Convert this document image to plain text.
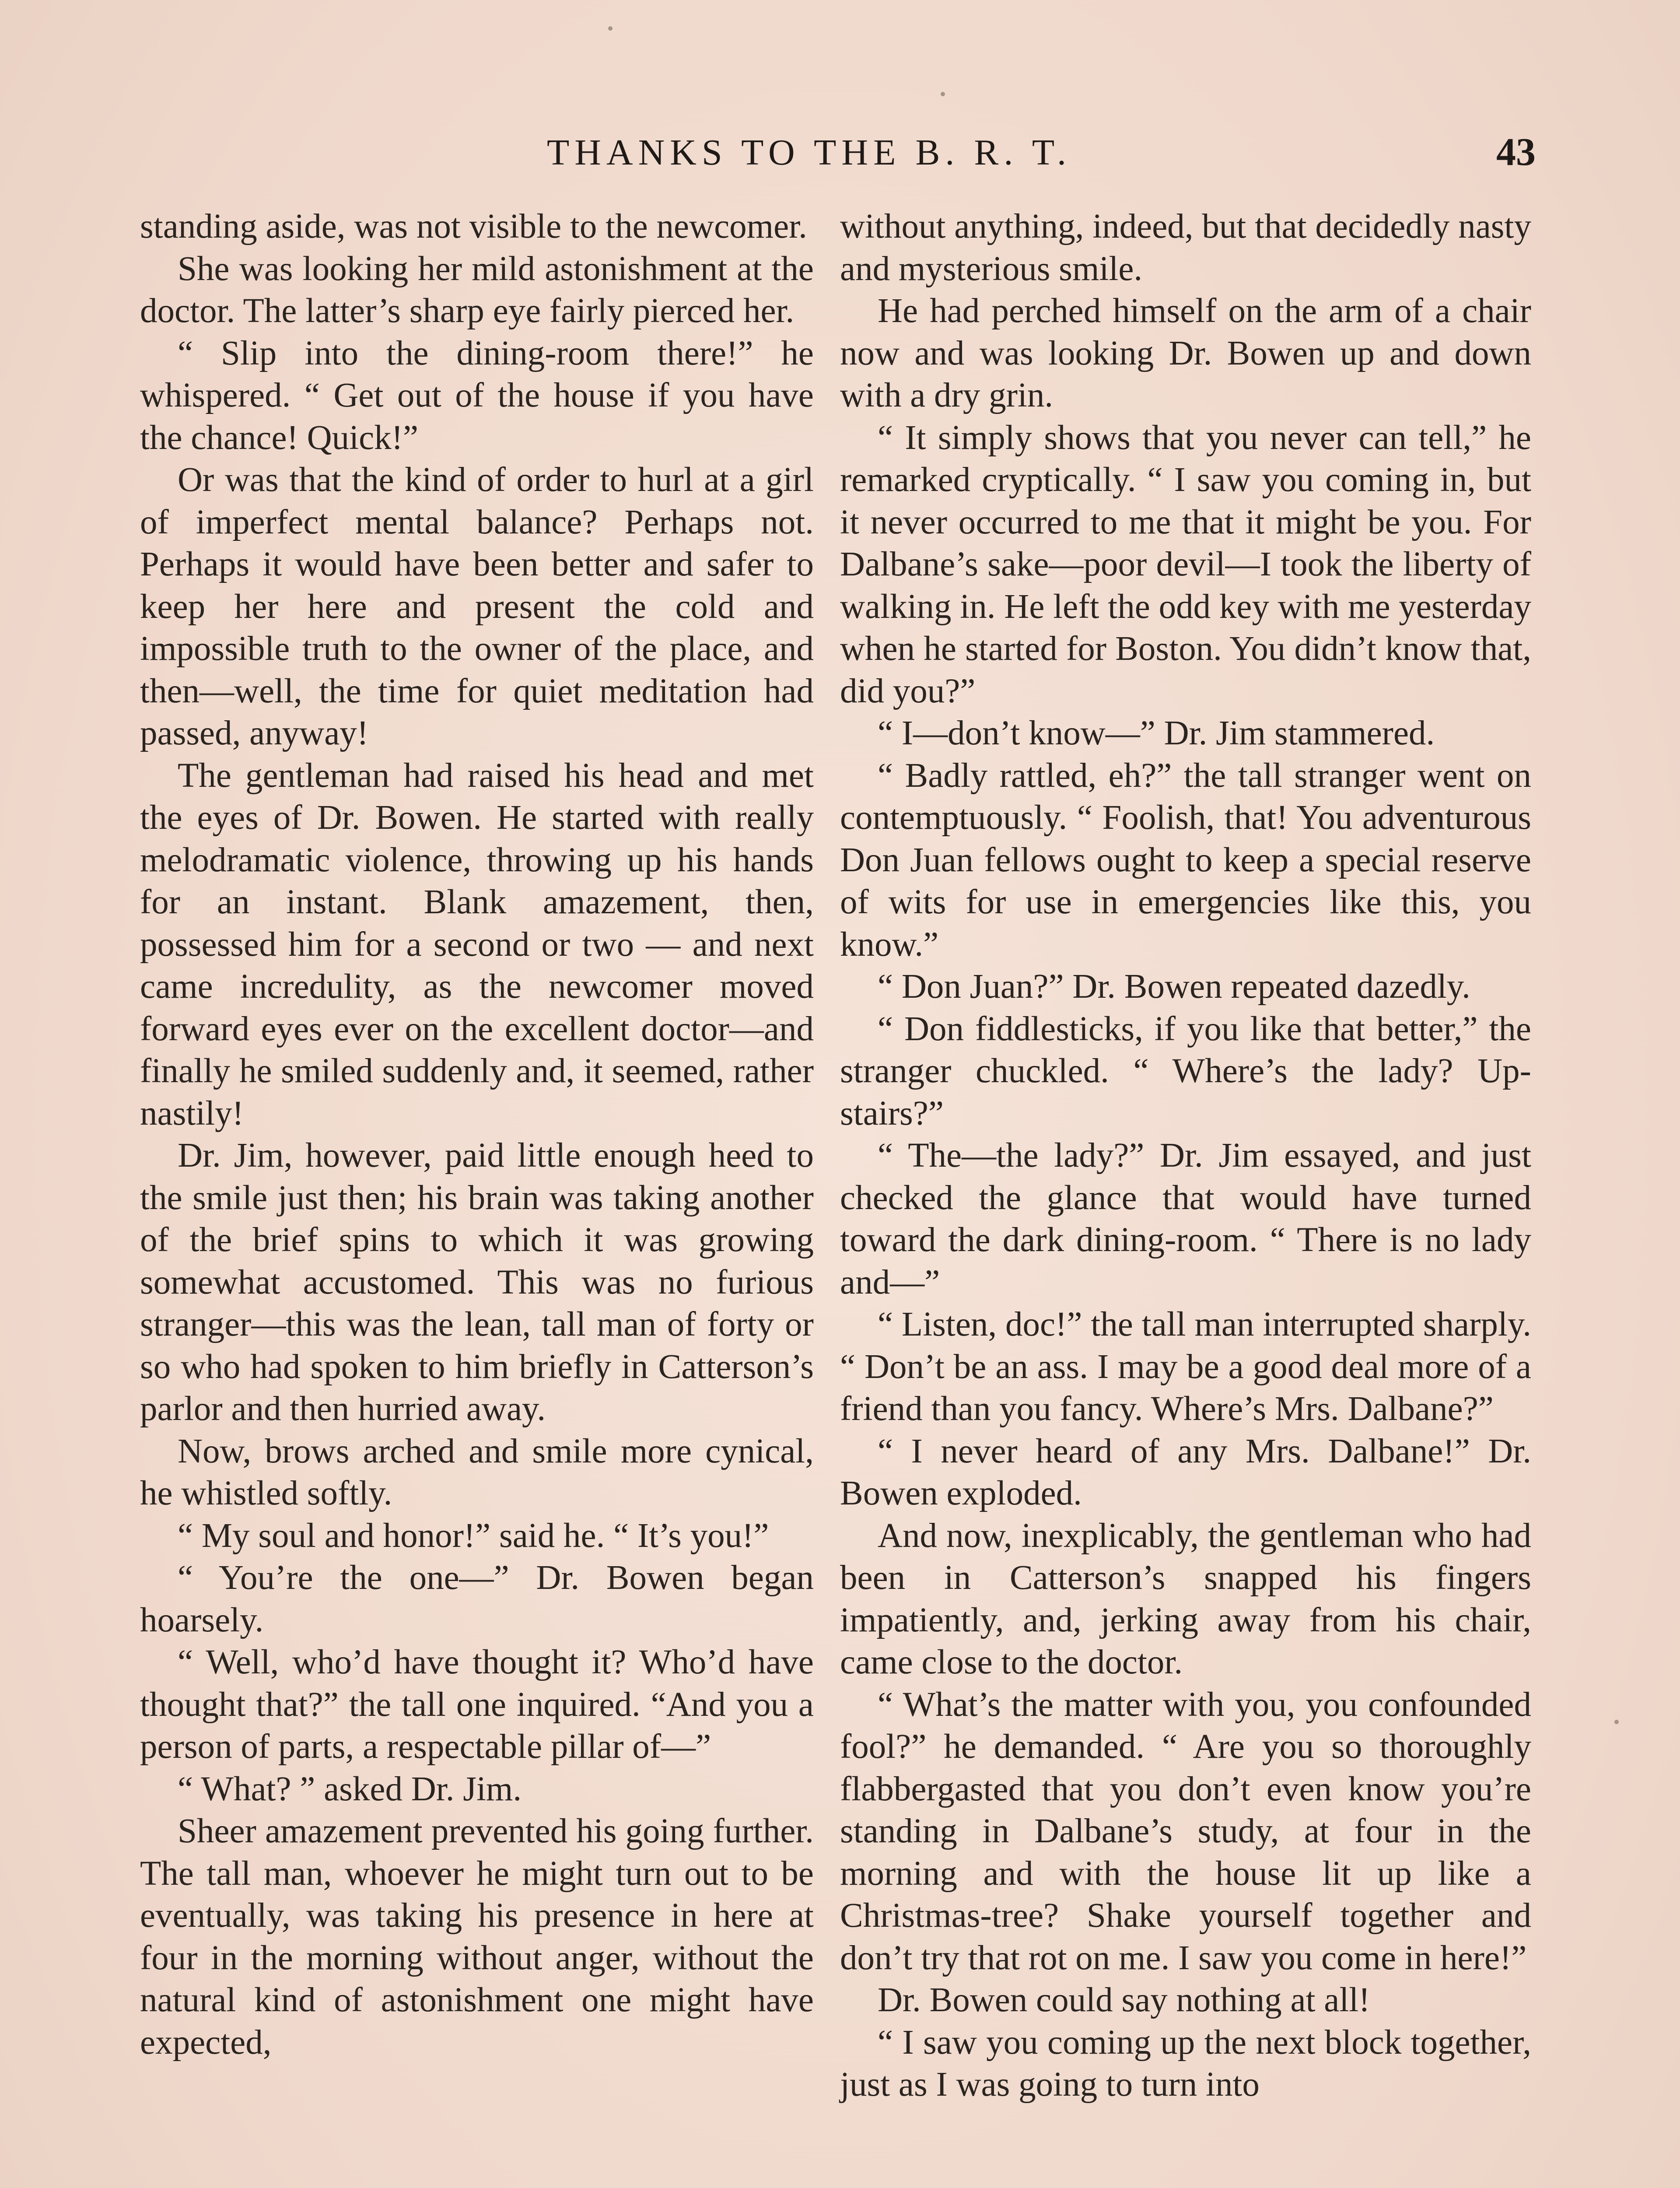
THANKS TO THE B. R. T.	43

standing aside, was not visible to the newcomer.

She was looking her mild astonishment at the doctor. The latter’s sharp eye fairly pierced her.

“ Slip into the dining-room there!” he whispered. “ Get out of the house if you have the chance! Quick!”

Or was that the kind of order to hurl at a girl of imperfect mental balance? Perhaps not. Perhaps it would have been better and safer to keep her here and present the cold and impossible truth to the owner of the place, and then—well, the time for quiet meditation had passed, anyway!

The gentleman had raised his head and met the eyes of Dr. Bowen. He started with really melodramatic violence, throwing up his hands for an instant. Blank amazement, then, possessed him for a second or two — and next came incredulity, as the newcomer moved forward eyes ever on the excellent doctor—and finally he smiled suddenly and, it seemed, rather nastily!

Dr. Jim, however, paid little enough heed to the smile just then; his brain was taking another of the brief spins to which it was growing somewhat accustomed. This was no furious stranger—this was the lean, tall man of forty or so who had spoken to him briefly in Catterson’s parlor and then hurried away.

Now, brows arched and smile more cynical, he whistled softly.

“ My soul and honor!” said he. “ It’s you!”

“ You’re the one—” Dr. Bowen began hoarsely.

“ Well, who’d have thought it? Who’d have thought that?” the tall one inquired. “And you a person of parts, a respectable pillar of—”

“ What? ” asked Dr. Jim.

Sheer amazement prevented his going further. The tall man, whoever he might turn out to be eventually, was taking his presence in here at four in the morning without anger, without the natural kind of astonishment one might have expected,

without anything, indeed, but that decidedly nasty and mysterious smile.

He had perched himself on the arm of a chair now and was looking Dr. Bowen up and down with a dry grin.

“ It simply shows that you never can tell,” he remarked cryptically. “ I saw you coming in, but it never occurred to me that it might be you. For Dalbane’s sake—poor devil—I took the liberty of walking in. He left the odd key with me yesterday when he started for Boston. You didn’t know that, did you?”

“ I—don’t know—” Dr. Jim stammered.

“ Badly rattled, eh?” the tall stranger went on contemptuously. “ Foolish, that! You adventurous Don Juan fellows ought to keep a special reserve of wits for use in emergencies like this, you know.”

“ Don Juan?” Dr. Bowen repeated dazedly.

“ Don fiddlesticks, if you like that better,” the stranger chuckled. “ Where’s the lady? Up-stairs?”

“ The—the lady?” Dr. Jim essayed, and just checked the glance that would have turned toward the dark dining-room. “ There is no lady and—”

“ Listen, doc!” the tall man interrupted sharply. “ Don’t be an ass. I may be a good deal more of a friend than you fancy. Where’s Mrs. Dalbane?”

“ I never heard of any Mrs. Dalbane!” Dr. Bowen exploded.

And now, inexplicably, the gentleman who had been in Catterson’s snapped his fingers impatiently, and, jerking away from his chair, came close to the doctor.

“ What’s the matter with you, you confounded fool?” he demanded. “ Are you so thoroughly flabbergasted that you don’t even know you’re standing in Dalbane’s study, at four in the morning and with the house lit up like a Christmas-tree? Shake yourself together and don’t try that rot on me. I saw you come in here!”

Dr. Bowen could say nothing at all!

“ I saw you coming up the next block together, just as I was going to turn into
